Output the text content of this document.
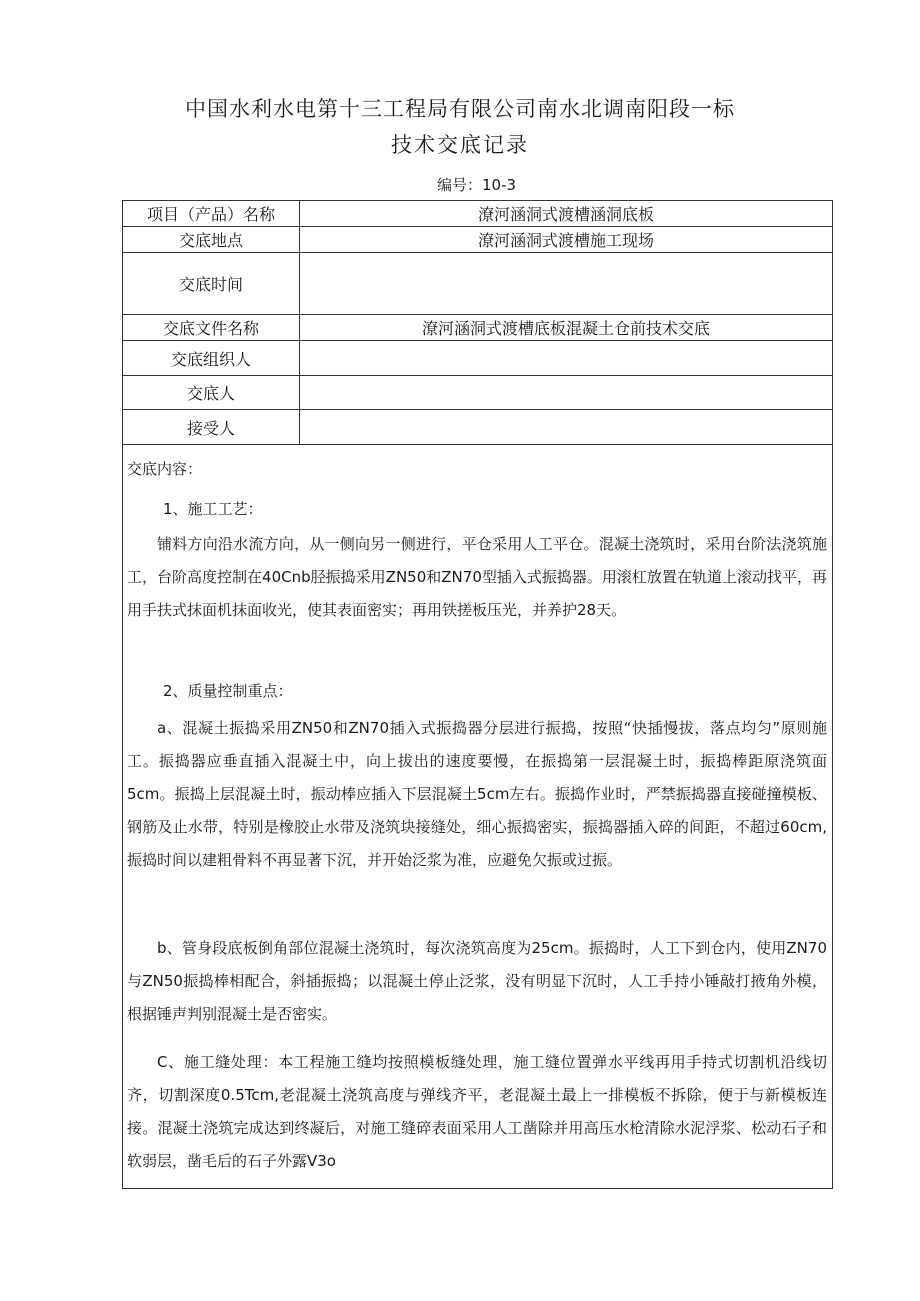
中国水利水电第十三工程局有限公司南水北调南阳段一标
技术交底记录
编号：10-3
项目（产品）名称	潦河涵洞式渡槽涵洞底板
交底地点	潦河涵洞式渡槽施工现场
交底时间	
交底文件名称	潦河涵洞式渡槽底板混凝土仓前技术交底
交底组织人	
交底人	
接受人	
交底内容：
1、施工工艺：

铺料方向沿水流方向，从一侧向另一侧进行，平仓采用人工平仓。混凝土浇筑时，采用台阶法浇筑施工，台阶高度控制在40Cnb胫振捣采用ZN50和ZN70型插入式振捣器。用滚杠放置在轨道上滚动找平，再用手扶式抹面机抹面收光，使其表面密实；再用铁搓板压光，并养护28天。

2、质量控制重点：

a、混凝土振捣采用ZN50和ZN70插入式振捣器分层进行振捣，按照“快插慢拔，落点均匀”原则施工。振捣器应垂直插入混凝土中，向上拔出的速度要慢，在振捣第一层混凝土时，振捣棒距原浇筑面5cm。振捣上层混凝土时，振动棒应插入下层混凝土5cm左右。振捣作业时，严禁振捣器直接碰撞模板、钢筋及止水带，特别是橡胶止水带及浇筑块接缝处，细心振捣密实，振捣器插入碎的间距，不超过60cm,振捣时间以建粗骨料不再显著下沉，并开始泛浆为准，应避免欠振或过振。

b、管身段底板倒角部位混凝土浇筑时，每次浇筑高度为25cm。振捣时，人工下到仓内，使用ZN70与ZN50振捣棒相配合，斜插振捣；以混凝土停止泛浆，没有明显下沉时，人工手持小锤敲打掖角外模，根据锤声判别混凝土是否密实。

C、施工缝处理：本工程施工缝均按照模板缝处理，施工缝位置弹水平线再用手持式切割机沿线切齐，切割深度0.5Tcm,老混凝土浇筑高度与弹线齐平，老混凝土最上一排模板不拆除，便于与新模板连接。混凝土浇筑完成达到终凝后，对施工缝碎表面采用人工凿除并用高压水枪清除水泥浮浆、松动石子和软弱层，凿毛后的石子外露V3o
